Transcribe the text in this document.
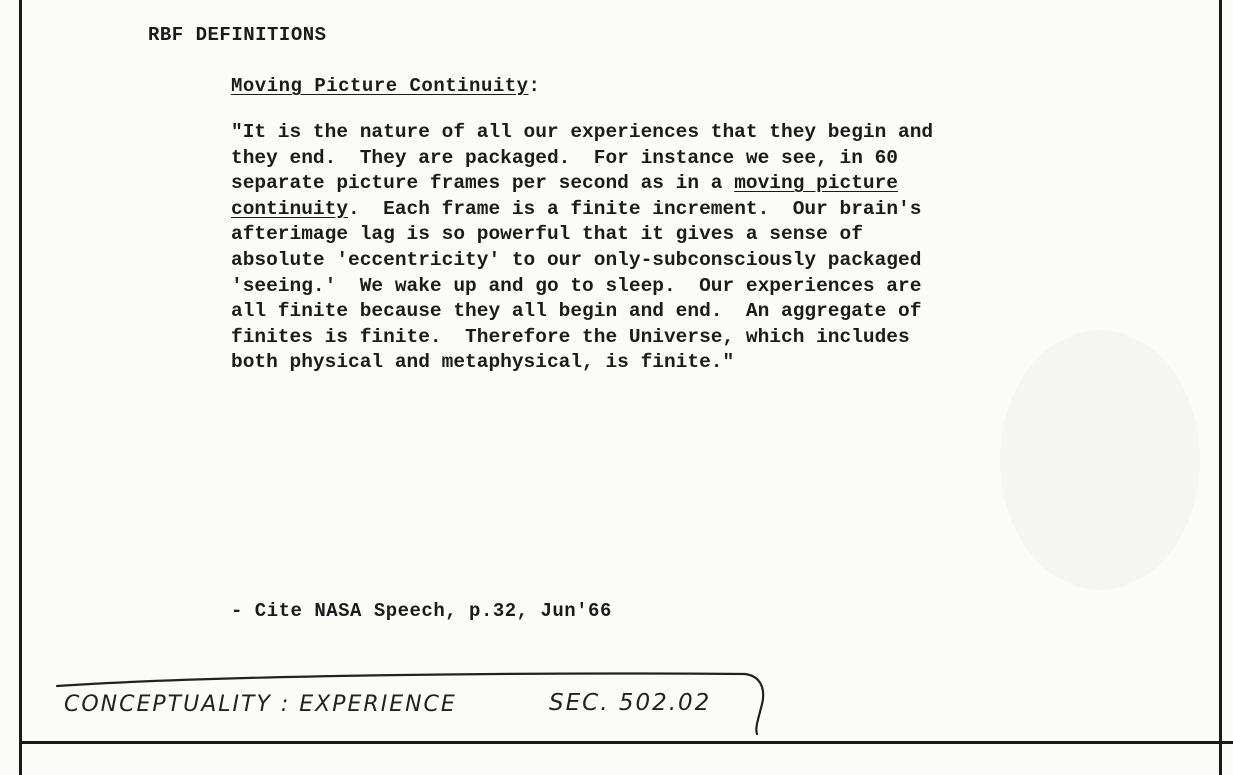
RBF DEFINITIONS
Moving Picture Continuity:
"It is the nature of all our experiences that they begin and
they end.  They are packaged.  For instance we see, in 60
separate picture frames per second as in a moving picture
continuity.  Each frame is a finite increment.  Our brain's
afterimage lag is so powerful that it gives a sense of
absolute 'eccentricity' to our only-subconsciously packaged
'seeing.'  We wake up and go to sleep.  Our experiences are
all finite because they all begin and end.  An aggregate of
finites is finite.  Therefore the Universe, which includes
both physical and metaphysical, is finite."
- Cite NASA Speech, p.32, Jun'66
CONCEPTUALITY : EXPERIENCE	SEC. 502.02
